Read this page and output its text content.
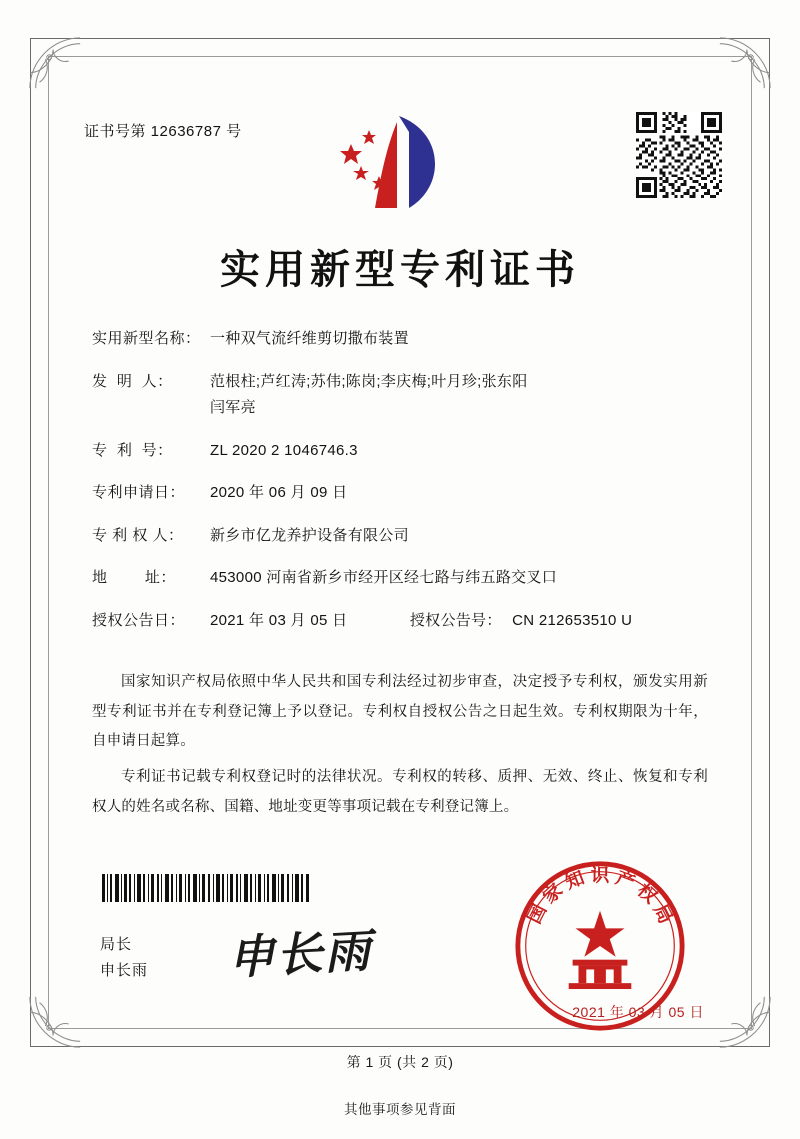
证书号第 12636787 号
实用新型专利证书
实用新型名称： 一种双气流纤维剪切撒布装置
发  明  人：	范根柱;芦红涛;苏伟;陈岗;李庆梅;叶月珍;张东阳
闫军亮
专  利  号：	ZL 2020 2 1046746.3
专利申请日：	2020 年 06 月 09 日
专 利 权 人：	新乡市亿龙养护设备有限公司
地        址：	453000 河南省新乡市经开区经七路与纬五路交叉口
授权公告日：	2021 年 03 月 05 日	授权公告号： CN 212653510 U

国家知识产权局依照中华人民共和国专利法经过初步审查，决定授予专利权，颁发实用新型专利证书并在专利登记簿上予以登记。专利权自授权公告之日起生效。专利权期限为十年，自申请日起算。

专利证书记载专利权登记时的法律状况。专利权的转移、质押、无效、终止、恢复和专利权人的姓名或名称、国籍、地址变更等事项记载在专利登记簿上。

局长
申长雨 申长雨
国
家
知 识 产
权
局
2021 年 03 月 05 日
第 1 页 (共 2 页)
其他事项参见背面
